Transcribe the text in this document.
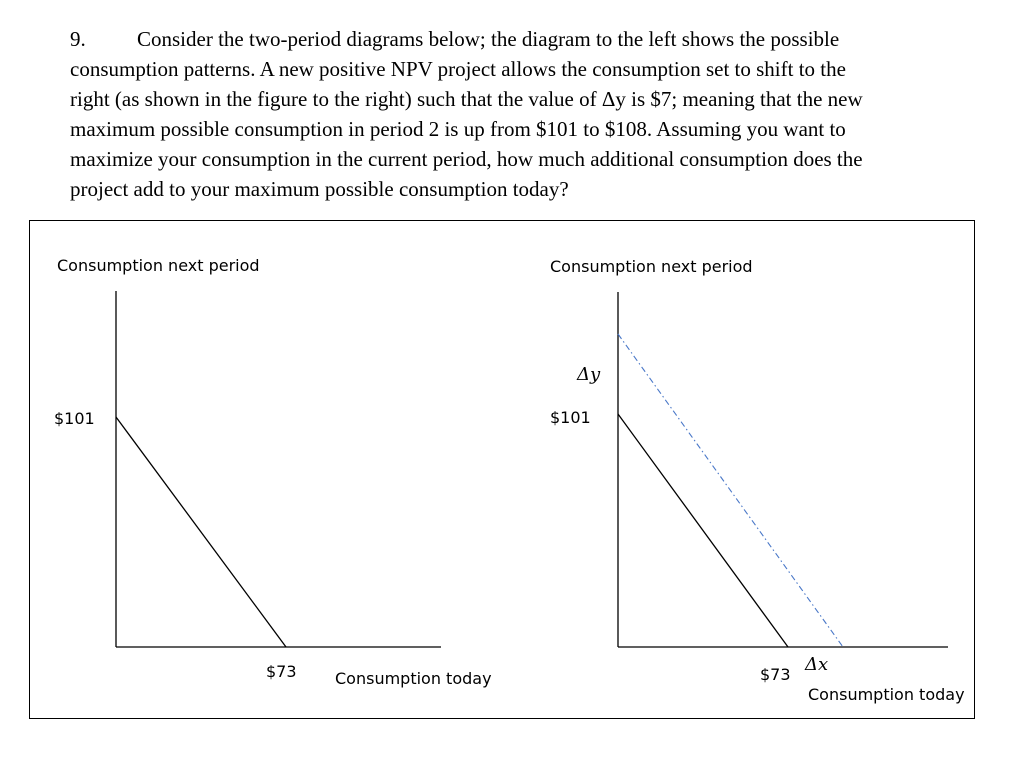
9. Consider the two-period diagrams below; the diagram to the left shows the possible
consumption patterns. A new positive NPV project allows the consumption set to shift to the
right (as shown in the figure to the right) such that the value of Δy is $7; meaning that the new
maximum possible consumption in period 2 is up from $101 to $108. Assuming you want to
maximize your consumption in the current period, how much additional consumption does the
project add to your maximum possible consumption today?
Consumption next period
$101
$73 Consumption today
Consumption next period
Δy
$101
$73 Δx
Consumption today
